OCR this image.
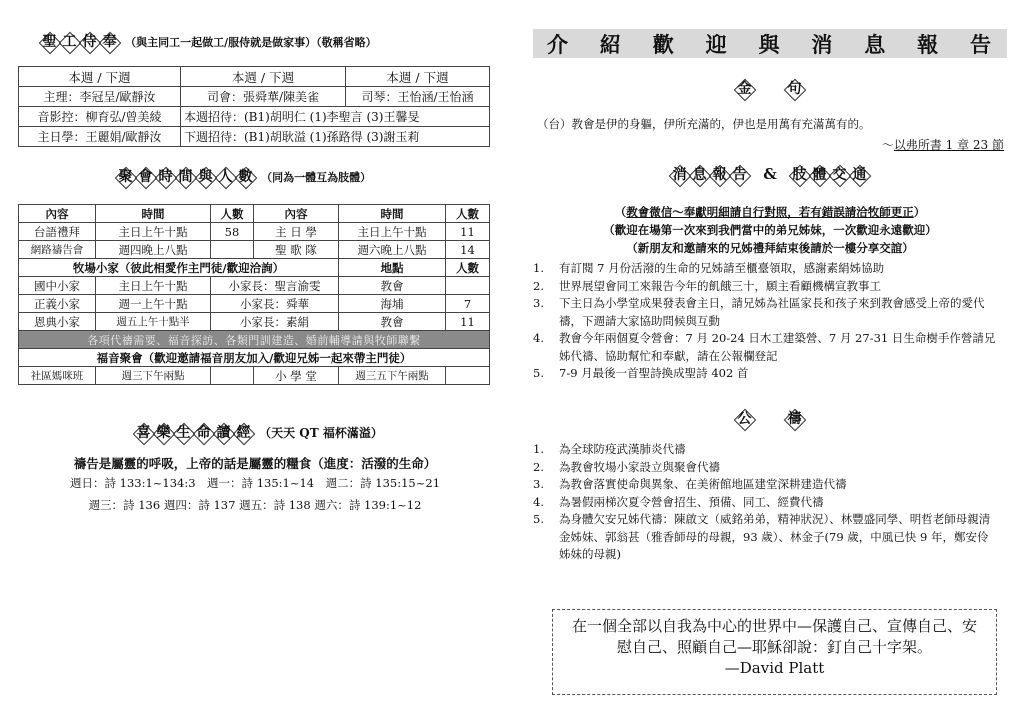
聖 工 侍 奉 （與主同工一起做工/服侍就是做家事）（敬稱省略）
本週 / 下週	本週 / 下週	本週 / 下週
主理：李冠呈/歐靜汝	司會：張舜華/陳美雀	司琴：王怡涵/王怡涵
音影控：柳育弘/曾美綾	本週招待：(B1)胡明仁 (1)李聖言 (3)王馨旻	
主日學：王麗娟/歐靜汝	下週招待：(B1)胡耿溢 (1)孫路得 (3)謝玉莉	
聚 會 時 間 與 人 數 （同為一體互為肢體）
內容	時間	人數	內容	時間	人數
台語禮拜	主日上午十點	58	主 日 學	主日上午十點	11
網路禱告會	週四晚上八點		聖 歌 隊	週六晚上八點	14
牧場小家（彼此相愛作主門徒/歡迎洽詢）				地點	人數
國中小家	主日上午十點	小家長：聖言渝雯		教會	
正義小家	週一上午十點	小家長：舜華		海埔	7
恩典小家	週五上午十點半	小家長：素絹		教會	11
各項代禱需要、福音探訪、各類門訓建造、婚前輔導請與牧師聯繫					
福音聚會（歡迎邀請福音朋友加入/歡迎兄姊一起來帶主門徒）					
社區媽咪班	週三下午兩點		小 學 堂	週三五下午兩點	
喜 樂 生 命 讀 經 （天天 QT 福杯滿溢）
禱告是屬靈的呼吸，上帝的話是屬靈的糧食（進度：活潑的生命）
週日：詩 133:1~134:3　週一：詩 135:1~14　週二：詩 135:15~21
週三：詩 136 週四：詩 137 週五：詩 138 週六：詩 139:1~12
介 紹 歡 迎 與 消 息 報 告
金	句
（台）教會是伊的身軀，伊所充滿的，伊也是用萬有充滿萬有的。
～以弗所書 1 章 23 節
消 息 報 告 & 肢 體 交 通
（教會微信～奉獻明細請自行對照，若有錯誤請洽牧師更正）
（歡迎在場第一次來到我們當中的弟兄姊妹，一次歡迎永遠歡迎）
（新朋友和邀請來的兄姊禮拜結束後請於一樓分享交誼）
1. 有訂閱 7 月份活潑的生命的兄姊請至櫃臺領取，感謝素絹姊協助
2. 世界展望會同工來報告今年的飢餓三十，願主看顧機構宣教事工
3. 下主日為小學堂成果發表會主日，請兄姊為社區家長和孩子來到教會感受上帝的愛代禱，下週請大家協助問候與互動
4. 教會今年兩個夏令營會：7 月 20-24 日木工建築營、7 月 27-31 日生命樹手作營請兄姊代禱、協助幫忙和奉獻，請在公報欄登記
5. 7-9 月最後一首聖詩換成聖詩 402 首
公	禱
1. 為全球防疫武漢肺炎代禱
2. 為教會牧場小家設立與聚會代禱
3. 為教會落實使命與異象、在美術館地區建堂深耕建造代禱
4. 為暑假兩梯次夏令營會招生、預備、同工、經費代禱
5. 為身體欠安兄姊代禱：陳啟文（威銘弟弟，精神狀況）、林豐盛同學、明哲老師母親清金姊妹、郭翁甚（雅香師母的母親，93 歲）、林金子(79 歲，中風已快 9 年，鄭安伶姊妹的母親)
在一個全部以自我為中心的世界中—保護自己、宣傳自己、安慰自己、照顧自己—耶穌卻說：釘自己十字架。
—David Platt
